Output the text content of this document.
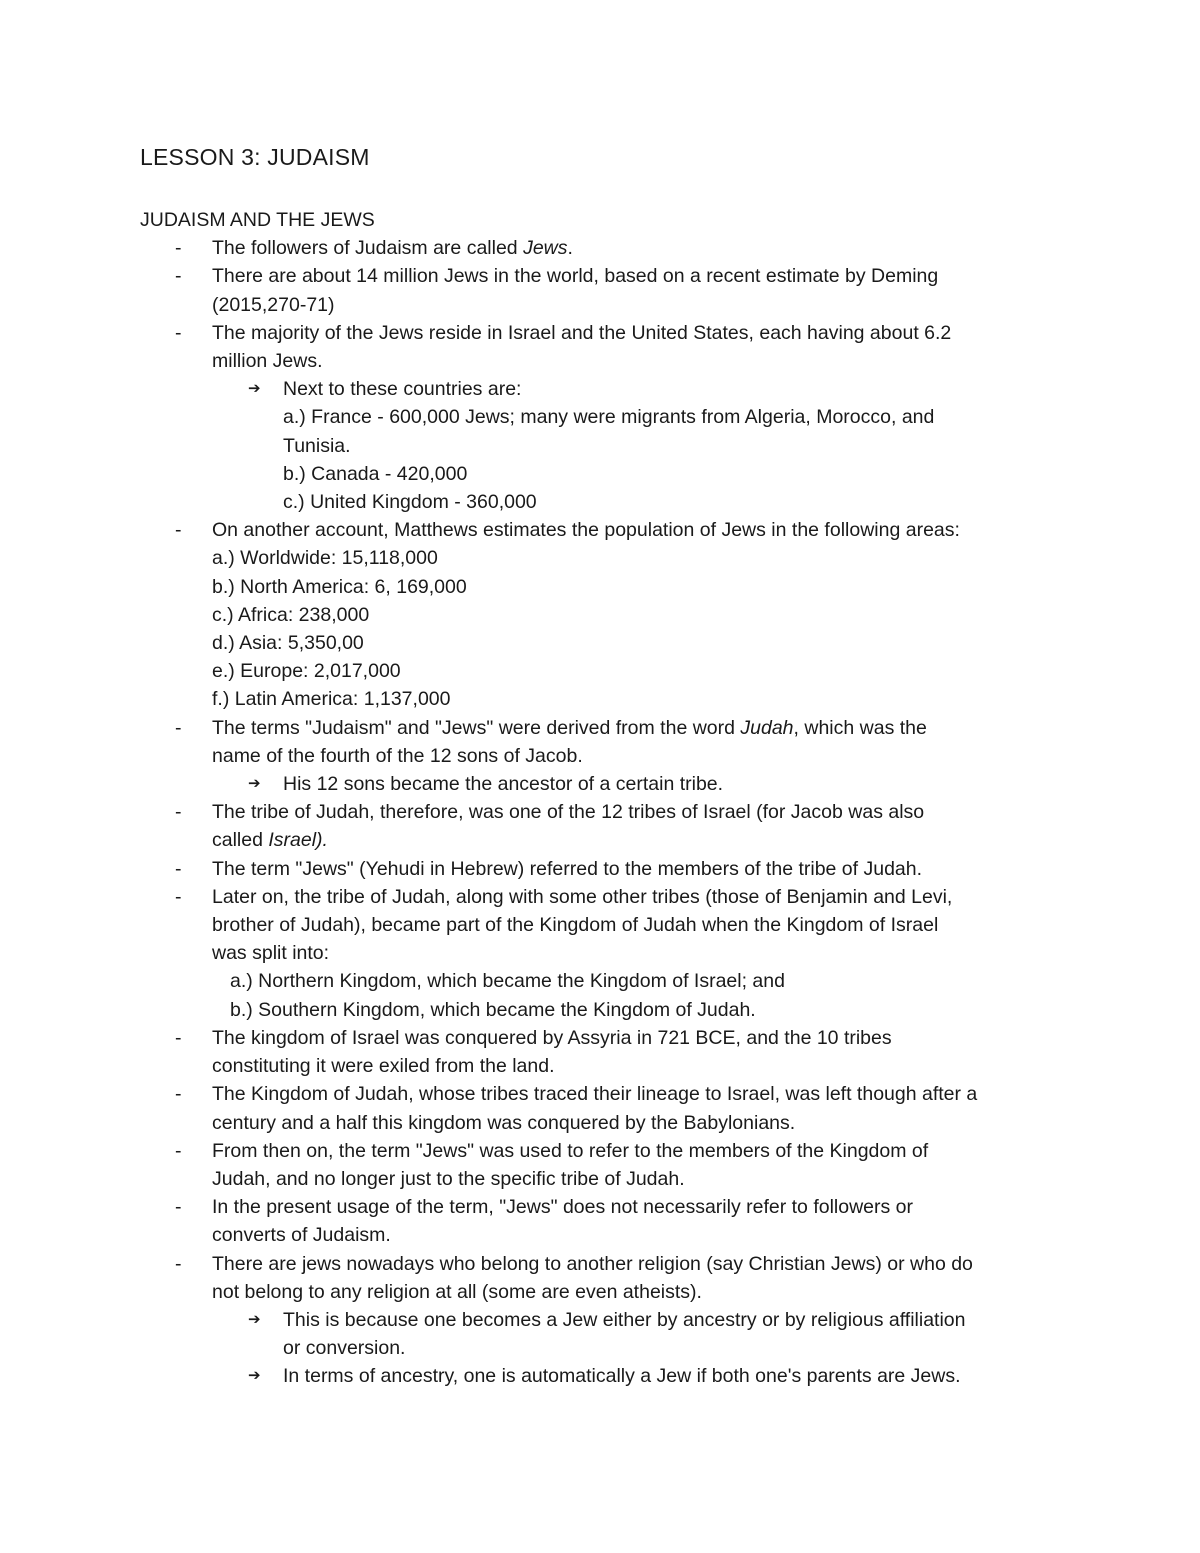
LESSON 3: JUDAISM
JUDAISM AND THE JEWS
- The followers of Judaism are called Jews.
- There are about 14 million Jews in the world, based on a recent estimate by Deming
(2015,270-71)
- The majority of the Jews reside in Israel and the United States, each having about 6.2
million Jews.
➔ Next to these countries are:
a.) France - 600,000 Jews; many were migrants from Algeria, Morocco, and
Tunisia.
b.) Canada - 420,000
c.) United Kingdom - 360,000
- On another account, Matthews estimates the population of Jews in the following areas:
a.) Worldwide: 15,118,000
b.) North America: 6, 169,000
c.) Africa: 238,000
d.) Asia: 5,350,00
e.) Europe: 2,017,000
f.) Latin America: 1,137,000
- The terms "Judaism" and "Jews" were derived from the word Judah, which was the
name of the fourth of the 12 sons of Jacob.
➔ His 12 sons became the ancestor of a certain tribe.
- The tribe of Judah, therefore, was one of the 12 tribes of Israel (for Jacob was also
called Israel).
- The term "Jews" (Yehudi in Hebrew) referred to the members of the tribe of Judah.
- Later on, the tribe of Judah, along with some other tribes (those of Benjamin and Levi,
brother of Judah), became part of the Kingdom of Judah when the Kingdom of Israel
was split into:
a.) Northern Kingdom, which became the Kingdom of Israel; and
b.) Southern Kingdom, which became the Kingdom of Judah.
- The kingdom of Israel was conquered by Assyria in 721 BCE, and the 10 tribes
constituting it were exiled from the land.
- The Kingdom of Judah, whose tribes traced their lineage to Israel, was left though after a
century and a half this kingdom was conquered by the Babylonians.
- From then on, the term "Jews" was used to refer to the members of the Kingdom of
Judah, and no longer just to the specific tribe of Judah.
- In the present usage of the term, "Jews" does not necessarily refer to followers or
converts of Judaism.
- There are jews nowadays who belong to another religion (say Christian Jews) or who do
not belong to any religion at all (some are even atheists).
➔ This is because one becomes a Jew either by ancestry or by religious affiliation
or conversion.
➔ In terms of ancestry, one is automatically a Jew if both one's parents are Jews.
